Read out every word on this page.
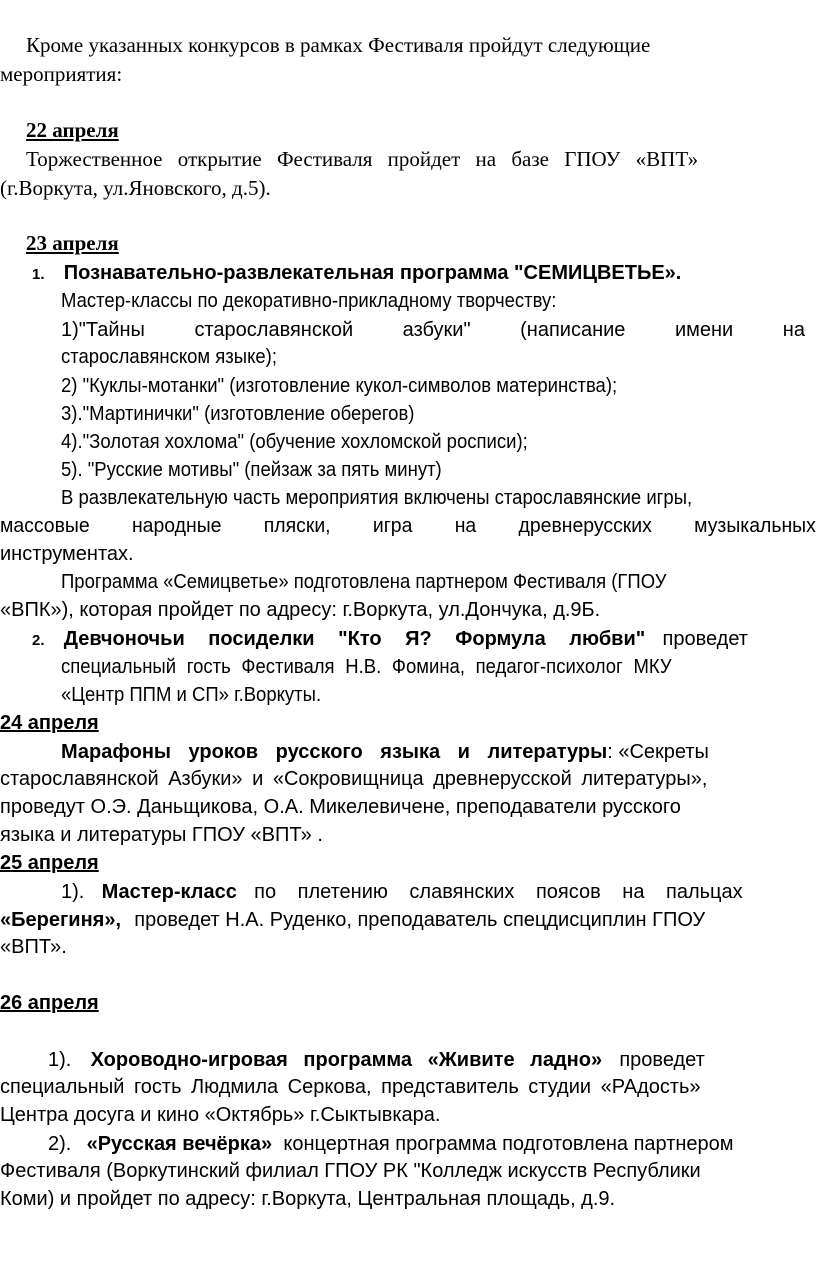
Кроме указанных конкурсов в рамках Фестиваля пройдут следующие
мероприятия:
22 апреля
Торжественное открытие Фестиваля пройдет на базе ГПОУ «ВПТ»
(г.Воркута, ул.Яновского, д.5).
23 апреля
1. Познавательно-развлекательная программа "СЕМИЦВЕТЬЕ».
Мастер-классы по декоративно-прикладному творчеству:
1)"Тайны старославянской азбуки" (написание имени на
старославянском языке);
2) "Куклы-мотанки" (изготовление кукол-символов материнства);
3)."Мартинички" (изготовление оберегов)
4)."Золотая хохлома" (обучение хохломской росписи);
5). "Русские мотивы" (пейзаж за пять минут)
В развлекательную часть мероприятия включены старославянские игры,
массовые народные пляски, игра на древнерусских музыкальных
инструментах.
Программа «Семицветье» подготовлена партнером Фестиваля (ГПОУ
«ВПК»), которая пройдет по адресу: г.Воркута, ул.Дончука, д.9Б.
2. Девчоночьи посиделки "Кто Я? Формула любви" проведет
специальный гость Фестиваля Н.В. Фомина, педагог-психолог МКУ
«Центр ППМ и СП» г.Воркуты.
24 апреля
Марафоны уроков русского языка и литературы: «Секреты
старославянской Азбуки» и «Сокровищница древнерусской литературы»,
проведут О.Э. Даньщикова, О.А. Микелевичене, преподаватели русского
языка и литературы ГПОУ «ВПТ» .
25 апреля
1). Мастер-класс по плетению славянских поясов на пальцах
«Берегиня», проведет Н.А. Руденко, преподаватель спецдисциплин ГПОУ
«ВПТ».
26 апреля
1). Хороводно-игровая программа «Живите ладно» проведет
специальный гость Людмила Серкова, представитель студии «РАдость»
Центра досуга и кино «Октябрь» г.Сыктывкара.
2). «Русская вечёрка» концертная программа подготовлена партнером
Фестиваля (Воркутинский филиал ГПОУ РК "Колледж искусств Республики
Коми) и пройдет по адресу: г.Воркута, Центральная площадь, д.9.
